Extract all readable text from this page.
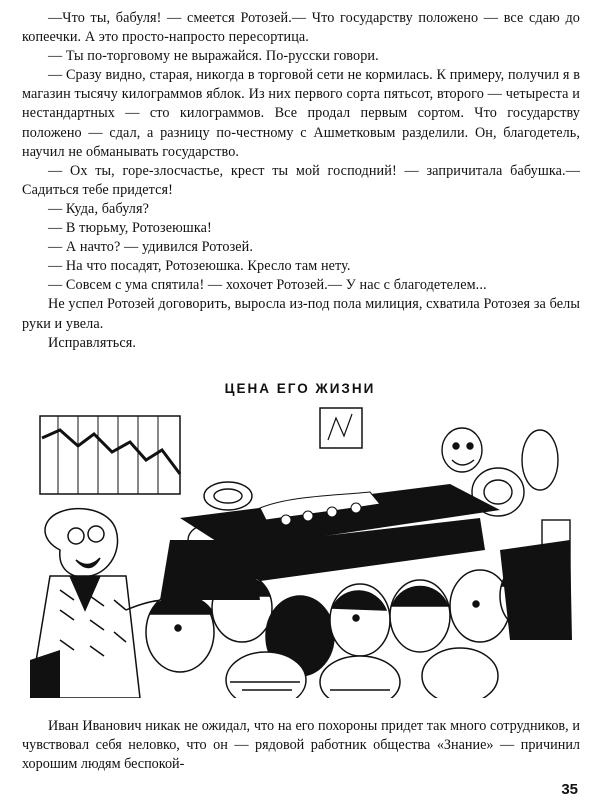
—Что ты, бабуля! — смеется Ротозей.— Что государству положено — все сдаю до копеечки. А это просто-напросто пересортица.

— Ты по-торговому не выражайся. По-русски говори.

— Сразу видно, старая, никогда в торговой сети не кормилась. К примеру, получил я в магазин тысячу килограммов яблок. Из них первого сорта пятьсот, второго — четыреста и нестандартных — сто килограммов. Все продал первым сортом. Что государству положено — сдал, а разницу по-честному с Ашметковым разделили. Он, благодетель, научил не обманывать государство.

— Ох ты, горе-злосчастье, крест ты мой господний! — запричитала бабушка.— Садиться тебе придется!

— Куда, бабуля?

— В тюрьму, Ротозеюшка!

— А начто? — удивился Ротозей.

— На что посадят, Ротозеюшка. Кресло там нету.

— Совсем с ума спятила! — хохочет Ротозей.— У нас с благодетелем...

Не успел Ротозей договорить, выросла из-под пола милиция, схватила Ротозея за белы руки и увела.

Исправляться.

ЦЕНА ЕГО ЖИЗНИ

Иван Иванович никак не ожидал, что на его похороны придет так много сотрудников, и чувствовал себя неловко, что он — рядовой работник общества «Знание» — причинил хорошим людям беспокой-

35
